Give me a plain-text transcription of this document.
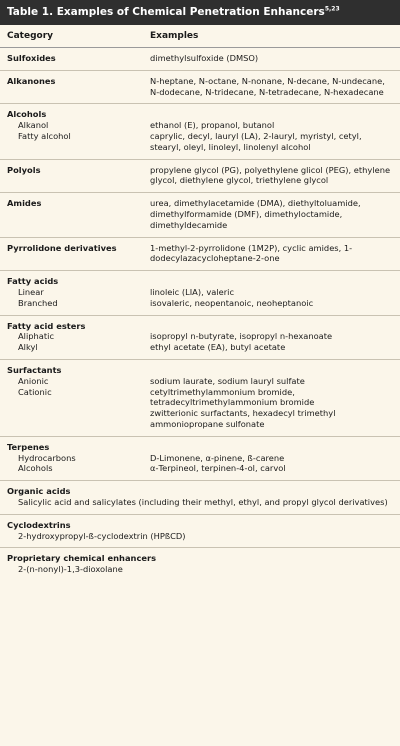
Table 1. Examples of Chemical Penetration Enhancers$^{5,23}$
Category	Examples
Sulfoxides	dimethylsulfoxide (DMSO)
Alkanones	N-heptane, N-octane, N-nonane, N-decane, N-undecane, N-dodecane, N-tridecane, N-tetradecane, N-hexadecane
Alcohols
Alkanol	ethanol (E), propanol, butanol
Fatty alcohol	caprylic, decyl, lauryl (LA), 2-lauryl, myristyl, cetyl, stearyl, oleyl, linoleyl, linolenyl alcohol
Polyols	propylene glycol (PG), polyethylene glicol (PEG), ethylene glycol, diethylene glycol, triethylene glycol
Amides	urea, dimethylacetamide (DMA), diethyltoluamide, dimethylformamide (DMF), dimethyloctamide, dimethyldecamide
Pyrrolidone derivatives	1-methyl-2-pyrrolidone (1M2P), cyclic amides, 1-dodecylazacycloheptane-2-one
Fatty acids
Linear	linoleic (LIA), valeric
Branched	isovaleric, neopentanoic, neoheptanoic
Fatty acid esters
Aliphatic	isopropyl n-butyrate, isopropyl n-hexanoate
Alkyl	ethyl acetate (EA), butyl acetate
Surfactants
Anionic	sodium laurate, sodium lauryl sulfate
Cationic	cetyltrimethylammonium bromide, tetradecyltrimethylammonium bromide
zwitterionic surfactants, hexadecyl trimethyl ammoniopropane sulfonate
Terpenes
Hydrocarbons	D-Limonene, α-pinene, ß-carene
Alcohols	α-Terpineol, terpinen-4-ol, carvol
Organic acids
Salicylic acid and salicylates (including their methyl, ethyl, and propyl glycol derivatives)
Cyclodextrins
2-hydroxypropyl-ß-cyclodextrin (HPßCD)
Proprietary chemical enhancers
2-(n-nonyl)-1,3-dioxolane
